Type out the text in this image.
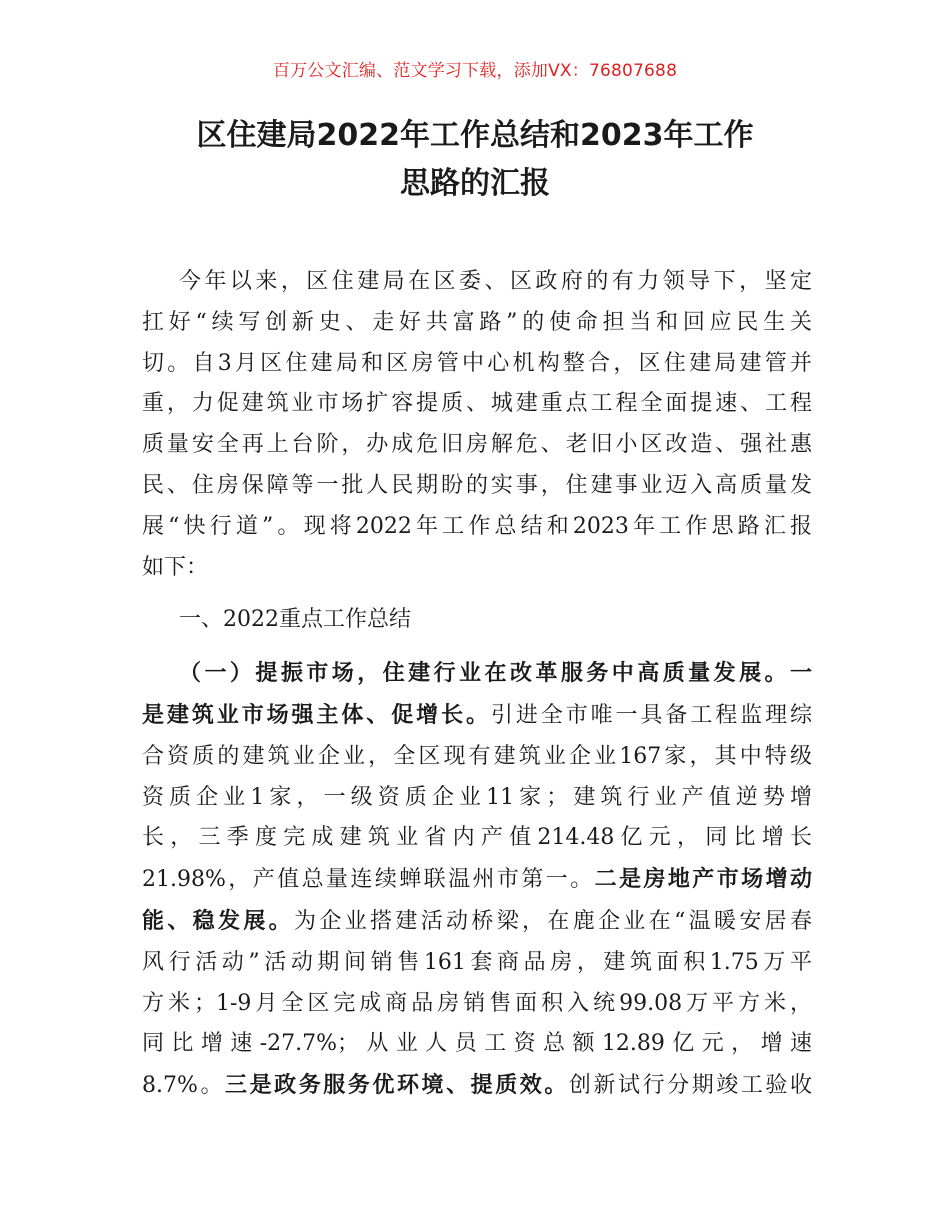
百万公文汇编、范文学习下载，添加VX：76807688
区住建局2022年工作总结和2023年工作
思路的汇报

今年以来，区住建局在区委、区政府的有力领导下，坚定
扛好“续写创新史、走好共富路”的使命担当和回应民生关
切。自3月区住建局和区房管中心机构整合，区住建局建管并
重，力促建筑业市场扩容提质、城建重点工程全面提速、工程
质量安全再上台阶，办成危旧房解危、老旧小区改造、强社惠
民、住房保障等一批人民期盼的实事，住建事业迈入高质量发
展“快行道”。现将2022年工作总结和2023年工作思路汇报
如下：

一、2022重点工作总结

（一）提振市场，住建行业在改革服务中高质量发展。一
是建筑业市场强主体、促增长。引进全市唯一具备工程监理综
合资质的建筑业企业，全区现有建筑业企业167家，其中特级
资质企业1家，一级资质企业11家；建筑行业产值逆势增
长，三季度完成建筑业省内产值214.48亿元，同比增长
21.98%，产值总量连续蝉联温州市第一。二是房地产市场增动
能、稳发展。为企业搭建活动桥梁，在鹿企业在“温暖安居春
风行活动”活动期间销售161套商品房，建筑面积1.75万平
方米；1-9月全区完成商品房销售面积入统99.08万平方米，
同比增速-27.7%；从业人员工资总额12.89亿元，增速
8.7%。三是政务服务优环境、提质效。创新试行分期竣工验收
